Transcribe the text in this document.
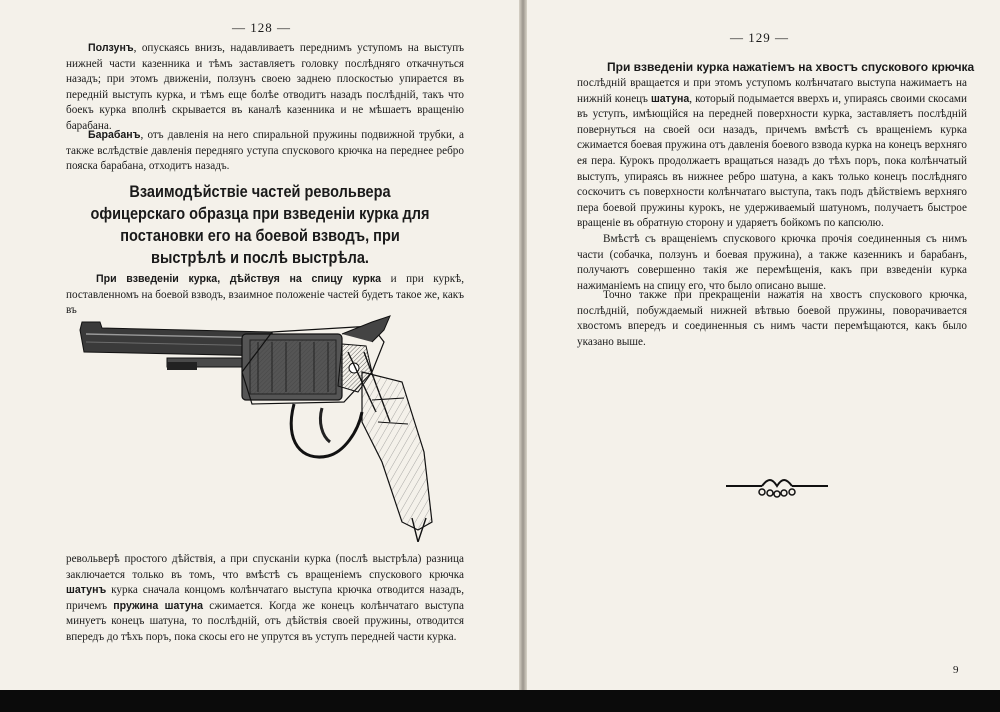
— 128 —

Ползунъ, опускаясь внизъ, надавливаетъ переднимъ уступомъ на выступъ нижней части казенника и тѣмъ заставляетъ головку послѣдняго откачнуться назадъ; при этомъ движеніи, ползунъ своею заднею плоскостью упирается въ передній выступъ курка, и тѣмъ еще болѣе отводитъ назадъ послѣдній, такъ что боекъ курка вполнѣ скрывается въ каналѣ казенника и не мѣшаетъ вращенію барабана.

Барабанъ, отъ давленія на него спиральной пружины подвижной трубки, а также вслѣдствіе давленія передняго уступа спускового крючка на переднее ребро пояска барабана, отходитъ назадъ.

Взаимодѣйствіе частей револьвера офицерскаго образца при взведеніи курка для постановки его на боевой взводъ, при выстрѣлѣ и послѣ выстрѣла.

При взведеніи курка, дѣйствуя на спицу курка и при куркѣ, поставленномъ на боевой взводъ, взаимное положеніе частей будетъ такое же, какъ въ

револьверѣ простого дѣйствія, а при спусканіи курка (послѣ выстрѣла) разница заключается только въ томъ, что вмѣстѣ съ вращеніемъ спускового крючка шатунъ курка сначала концомъ колѣнчатаго выступа крючка отводится назадъ, причемъ пружина шатуна сжимается. Когда же конецъ колѣнчатаго выступа минуетъ конецъ шатуна, то послѣдній, отъ дѣйствія своей пружины, отводится впередъ до тѣхъ поръ, пока скосы его не упрутся въ уступъ передней части курка.

— 129 —
При взведеніи курка нажатіемъ на хвостъ спускового крючка

послѣдній вращается и при этомъ уступомъ колѣнчатаго выступа нажимаетъ на нижній конецъ шатуна, который подымается вверхъ и, упираясь своими скосами въ уступъ, имѣющійся на передней поверхности курка, заставляетъ послѣдній повернуться на своей оси назадъ, причемъ вмѣстѣ съ вращеніемъ курка сжимается боевая пружина отъ давленія боевого взвода курка на конецъ верхняго ея пера. Курокъ продолжаетъ вращаться назадъ до тѣхъ поръ, пока колѣнчатый выступъ, упираясь въ нижнее ребро шатуна, а какъ только конецъ послѣдняго соскочитъ съ поверхности колѣнчатаго выступа, такъ подъ дѣйствіемъ верхняго пера боевой пружины курокъ, не удерживаемый шатуномъ, получаетъ быстрое вращеніе въ обратную сторону и ударяетъ бойкомъ по капсюлю.

Вмѣстѣ съ вращеніемъ спускового крючка прочія соединенныя съ нимъ части (собачка, ползунъ и боевая пружина), а также казенникъ и барабанъ, получаютъ совершенно такія же перемѣщенія, какъ при взведеніи курка нажиманіемъ на спицу его, что было описано выше.

Точно также при прекращеніи нажатія на хвостъ спускового крючка, послѣдній, побуждаемый нижней вѣтвью боевой пружины, поворачивается хвостомъ впередъ и соединенныя съ нимъ части перемѣщаются, какъ было указано выше.

9
